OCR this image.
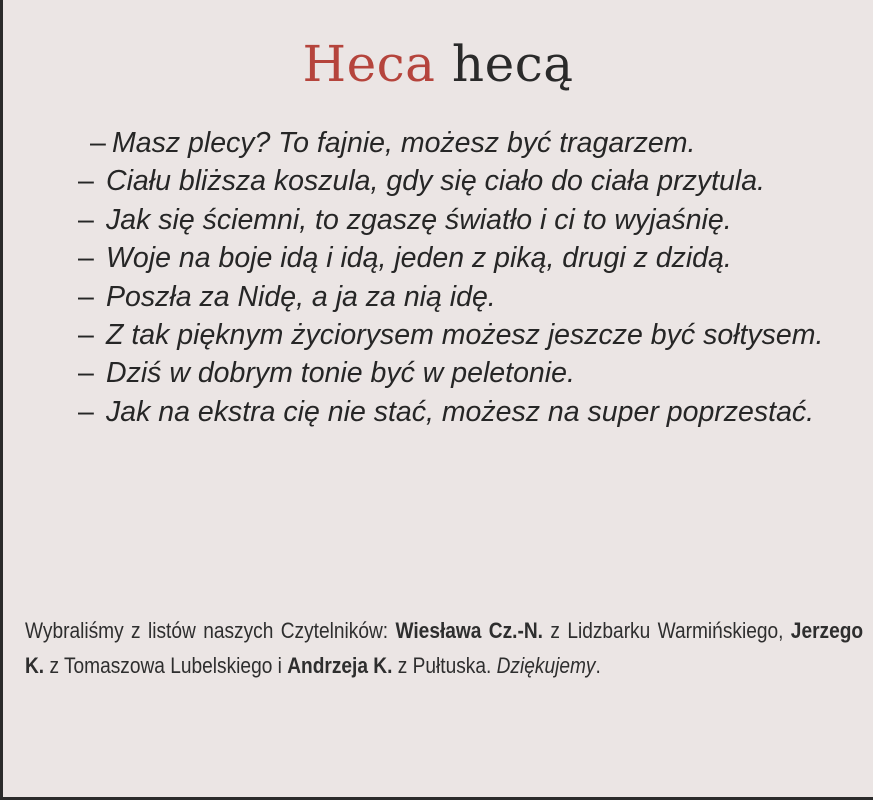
Heca hecą
– Masz plecy? To fajnie, możesz być tragarzem.
– Ciału bliższa koszula, gdy się ciało do ciała przytula.
– Jak się ściemni, to zgaszę światło i ci to wyjaśnię.
– Woje na boje idą i idą, jeden z piką, drugi z dzidą.
– Poszła za Nidę, a ja za nią idę.
– Z tak pięknym życiorysem możesz jeszcze być sołtysem.
– Dziś w dobrym tonie być w peletonie.
– Jak na ekstra cię nie stać, możesz na super poprzestać.

Wybraliśmy z listów naszych Czytelników: Wiesława Cz.-N. z Lidzbarku Warmińskiego, Jerzego K. z Tomaszowa Lubelskiego i Andrzeja K. z Pułtuska. Dziękujemy.
